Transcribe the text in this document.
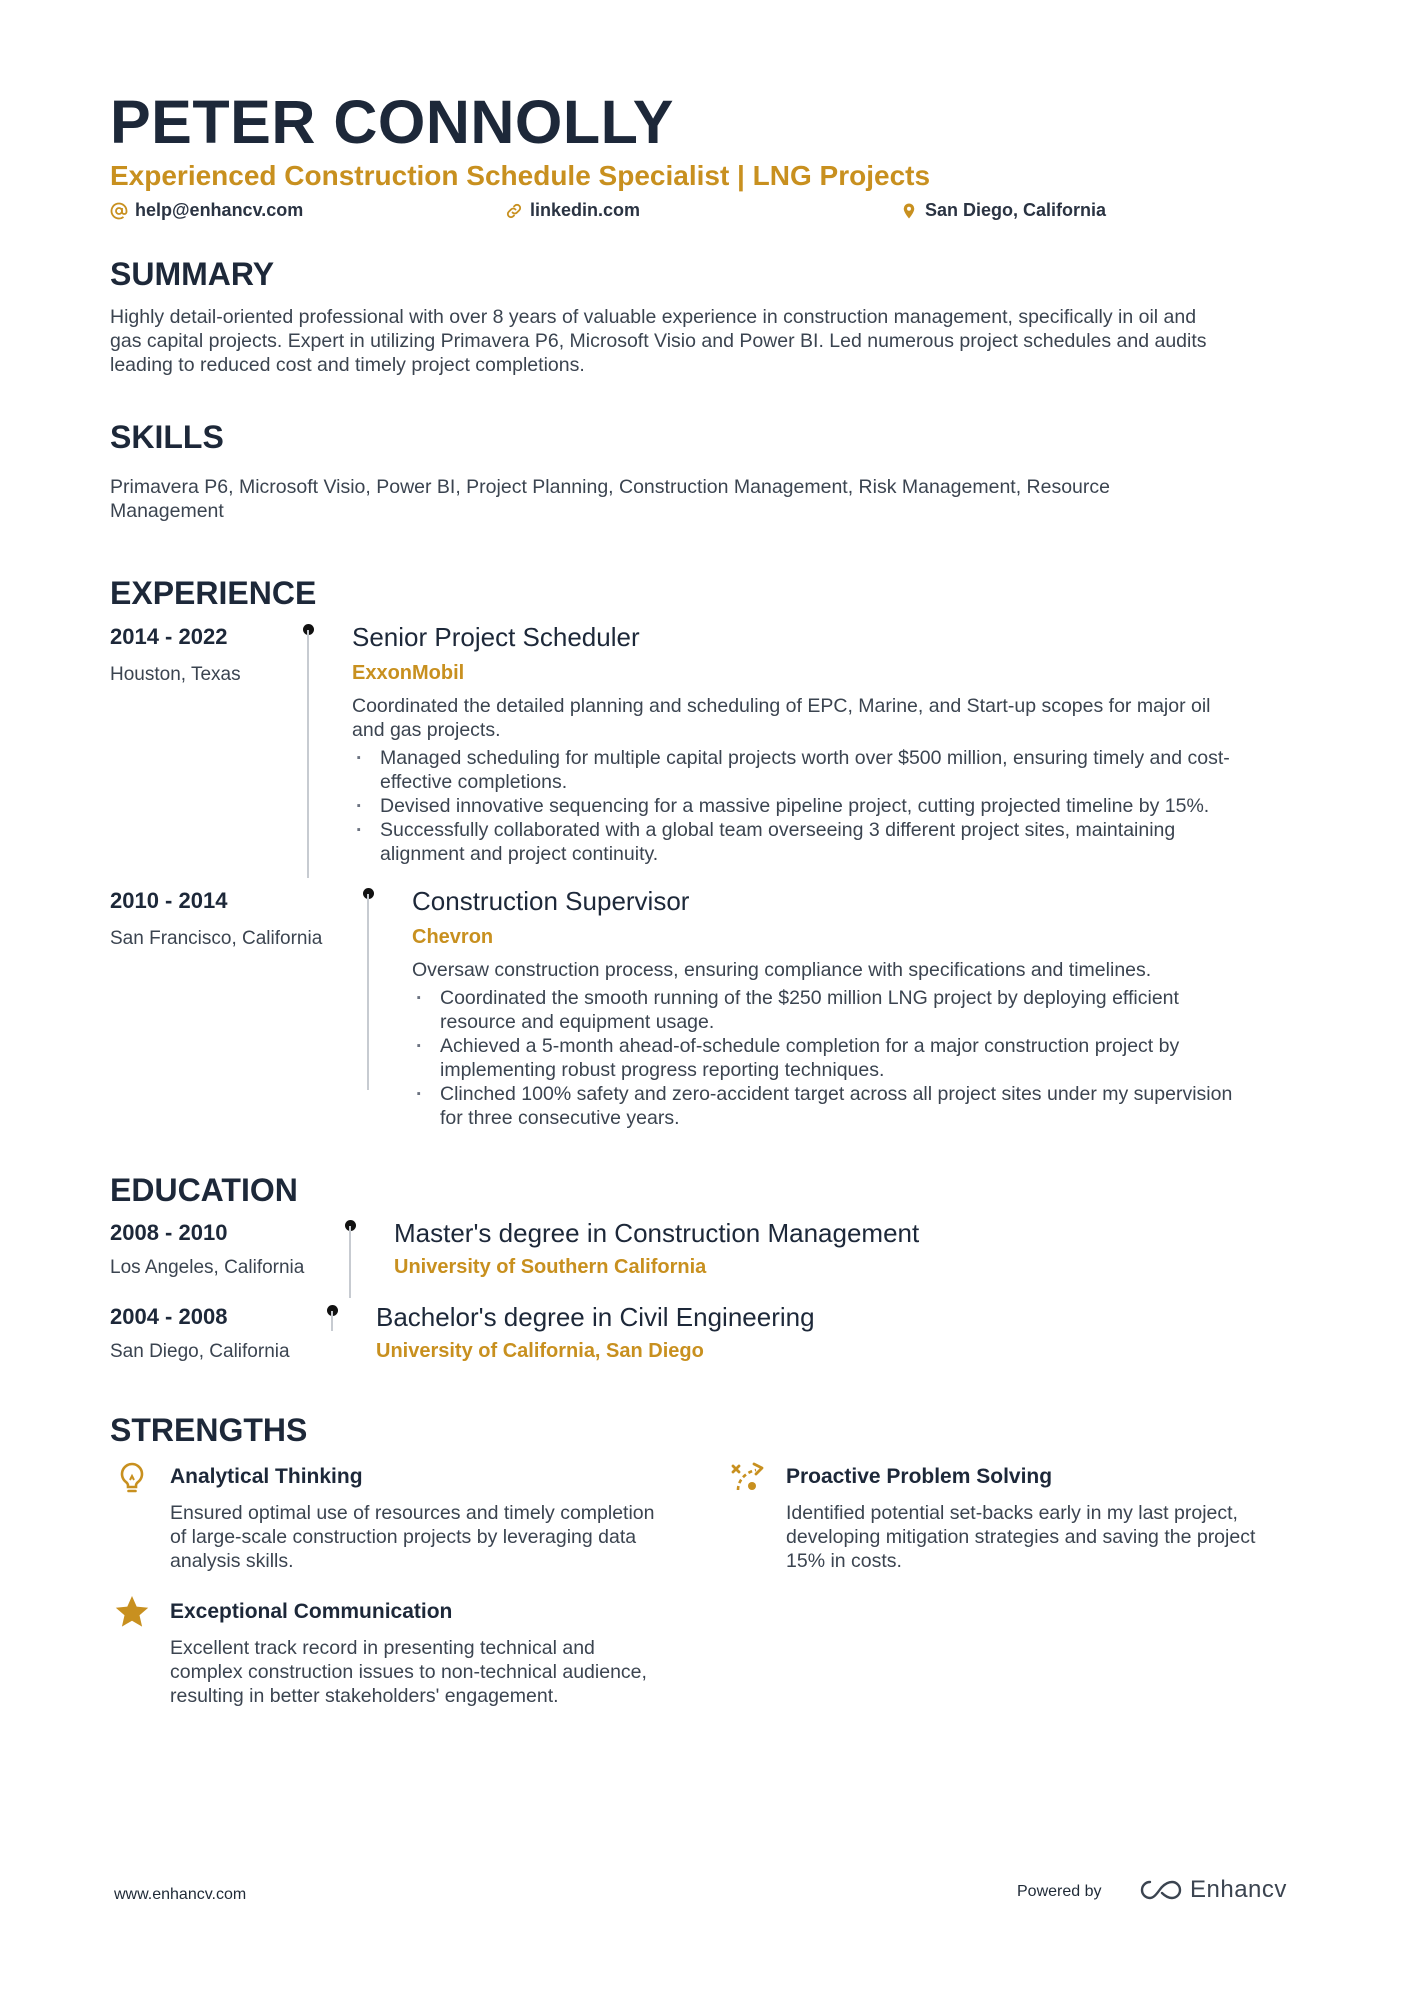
PETER CONNOLLY
Experienced Construction Schedule Specialist | LNG Projects
help@enhancv.com	linkedin.com	San Diego, California
SUMMARY
Highly detail-oriented professional with over 8 years of valuable experience in construction management, specifically in oil and
gas capital projects. Expert in utilizing Primavera P6, Microsoft Visio and Power BI. Led numerous project schedules and audits
leading to reduced cost and timely project completions.
SKILLS
Primavera P6, Microsoft Visio, Power BI, Project Planning, Construction Management, Risk Management, Resource
Management
EXPERIENCE
2014 - 2022
Houston, Texas
Senior Project Scheduler
ExxonMobil
Coordinated the detailed planning and scheduling of EPC, Marine, and Start-up scopes for major oil
and gas projects.
· Managed scheduling for multiple capital projects worth over $500 million, ensuring timely and cost-
effective completions.
· Devised innovative sequencing for a massive pipeline project, cutting projected timeline by 15%.
· Successfully collaborated with a global team overseeing 3 different project sites, maintaining
alignment and project continuity.
2010 - 2014
San Francisco, California
Construction Supervisor
Chevron
Oversaw construction process, ensuring compliance with specifications and timelines.
· Coordinated the smooth running of the $250 million LNG project by deploying efficient
resource and equipment usage.
· Achieved a 5-month ahead-of-schedule completion for a major construction project by
implementing robust progress reporting techniques.
· Clinched 100% safety and zero-accident target across all project sites under my supervision
for three consecutive years.
EDUCATION
2008 - 2010
Los Angeles, California
Master's degree in Construction Management
University of Southern California
2004 - 2008
San Diego, California
Bachelor's degree in Civil Engineering
University of California, San Diego
STRENGTHS
Analytical Thinking
Ensured optimal use of resources and timely completion
of large-scale construction projects by leveraging data
analysis skills.
Proactive Problem Solving
Identified potential set-backs early in my last project,
developing mitigation strategies and saving the project
15% in costs.
Exceptional Communication
Excellent track record in presenting technical and
complex construction issues to non-technical audience,
resulting in better stakeholders' engagement.
www.enhancv.com	Powered by	Enhancv
